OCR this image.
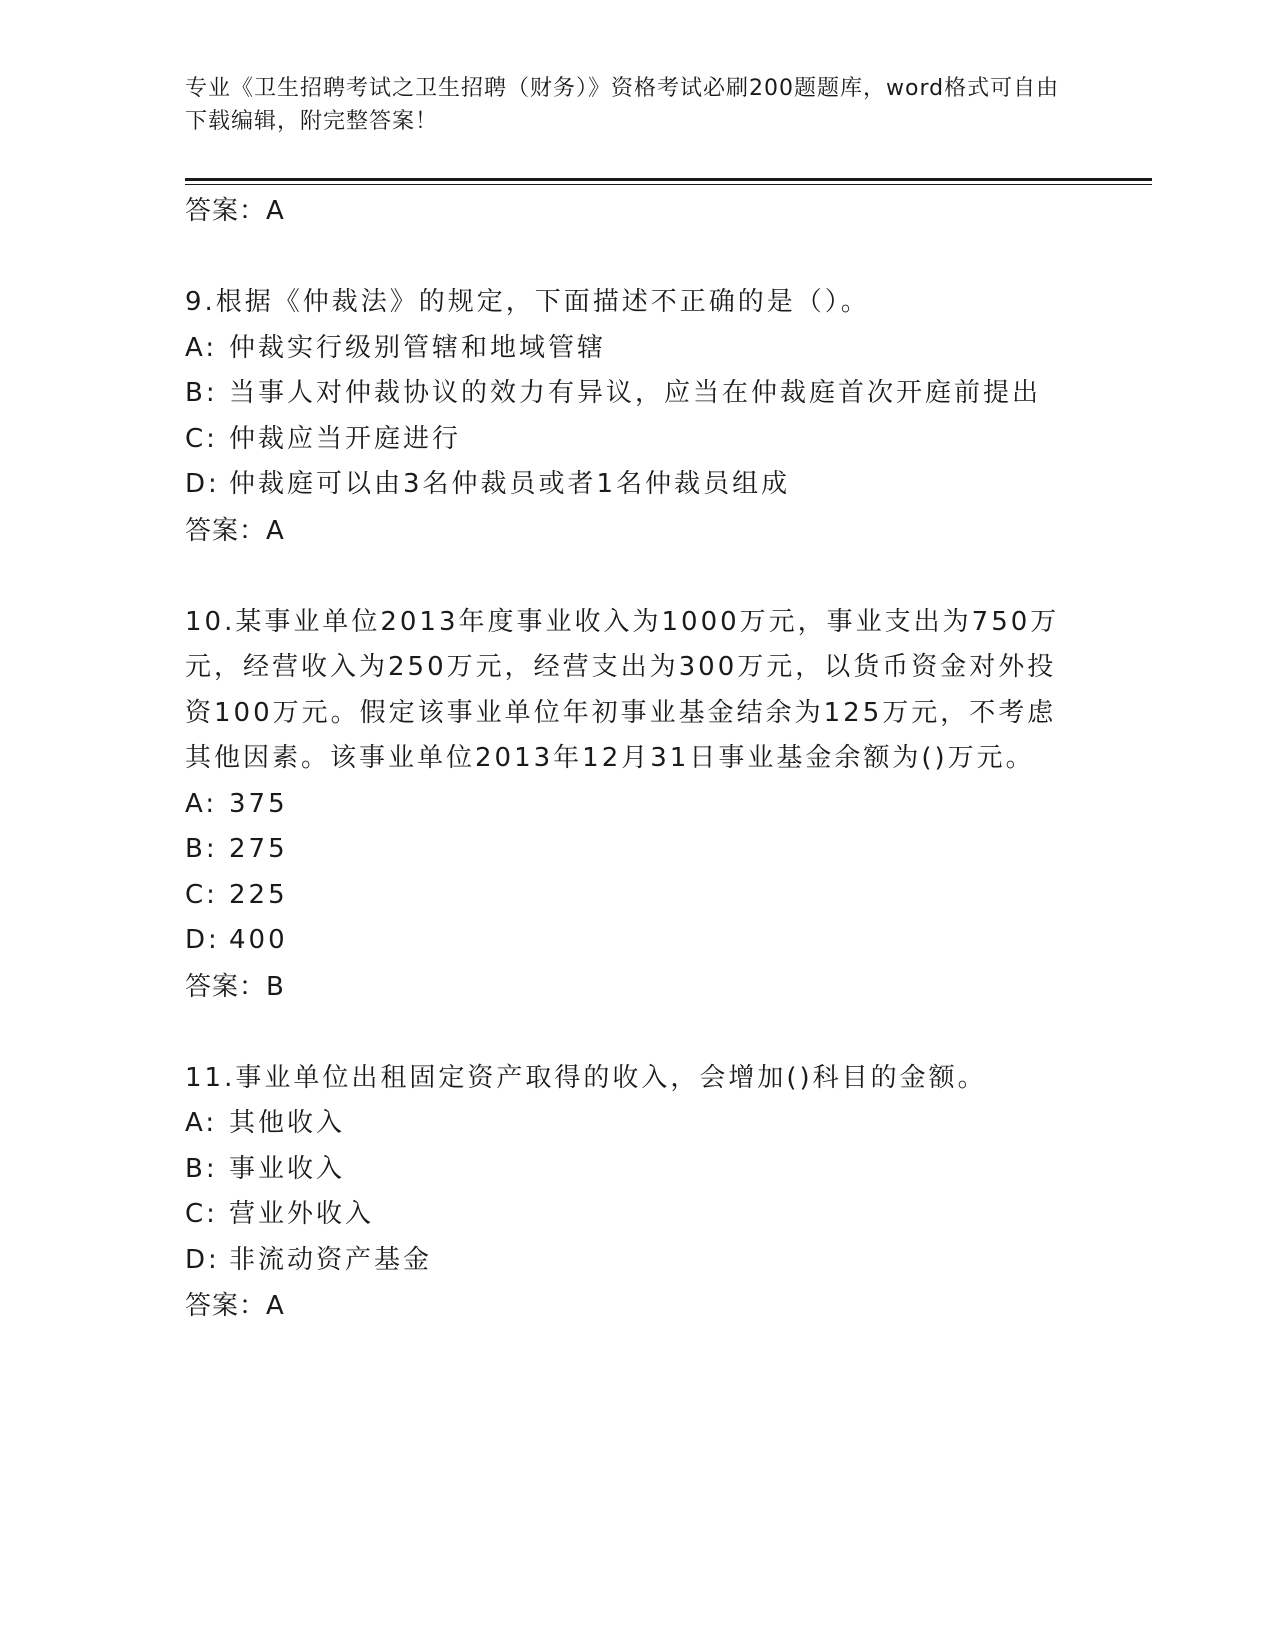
专业《卫生招聘考试之卫生招聘（财务）》资格考试必刷200题题库，word格式可自由下载编辑，附完整答案！
答案：A

9.根据《仲裁法》的规定，下面描述不正确的是（）。

A: 仲裁实行级别管辖和地域管辖
B: 当事人对仲裁协议的效力有异议，应当在仲裁庭首次开庭前提出
C: 仲裁应当开庭进行
D: 仲裁庭可以由3名仲裁员或者1名仲裁员组成
答案：A

10.某事业单位2013年度事业收入为1000万元，事业支出为750万元，经营收入为250万元，经营支出为300万元，以货币资金对外投资100万元。假定该事业单位年初事业基金结余为125万元，不考虑其他因素。该事业单位2013年12月31日事业基金余额为()万元。

A: 375
B: 275
C: 225
D: 400
答案：B

11.事业单位出租固定资产取得的收入，会增加()科目的金额。

A: 其他收入
B: 事业收入
C: 营业外收入
D: 非流动资产基金
答案：A
